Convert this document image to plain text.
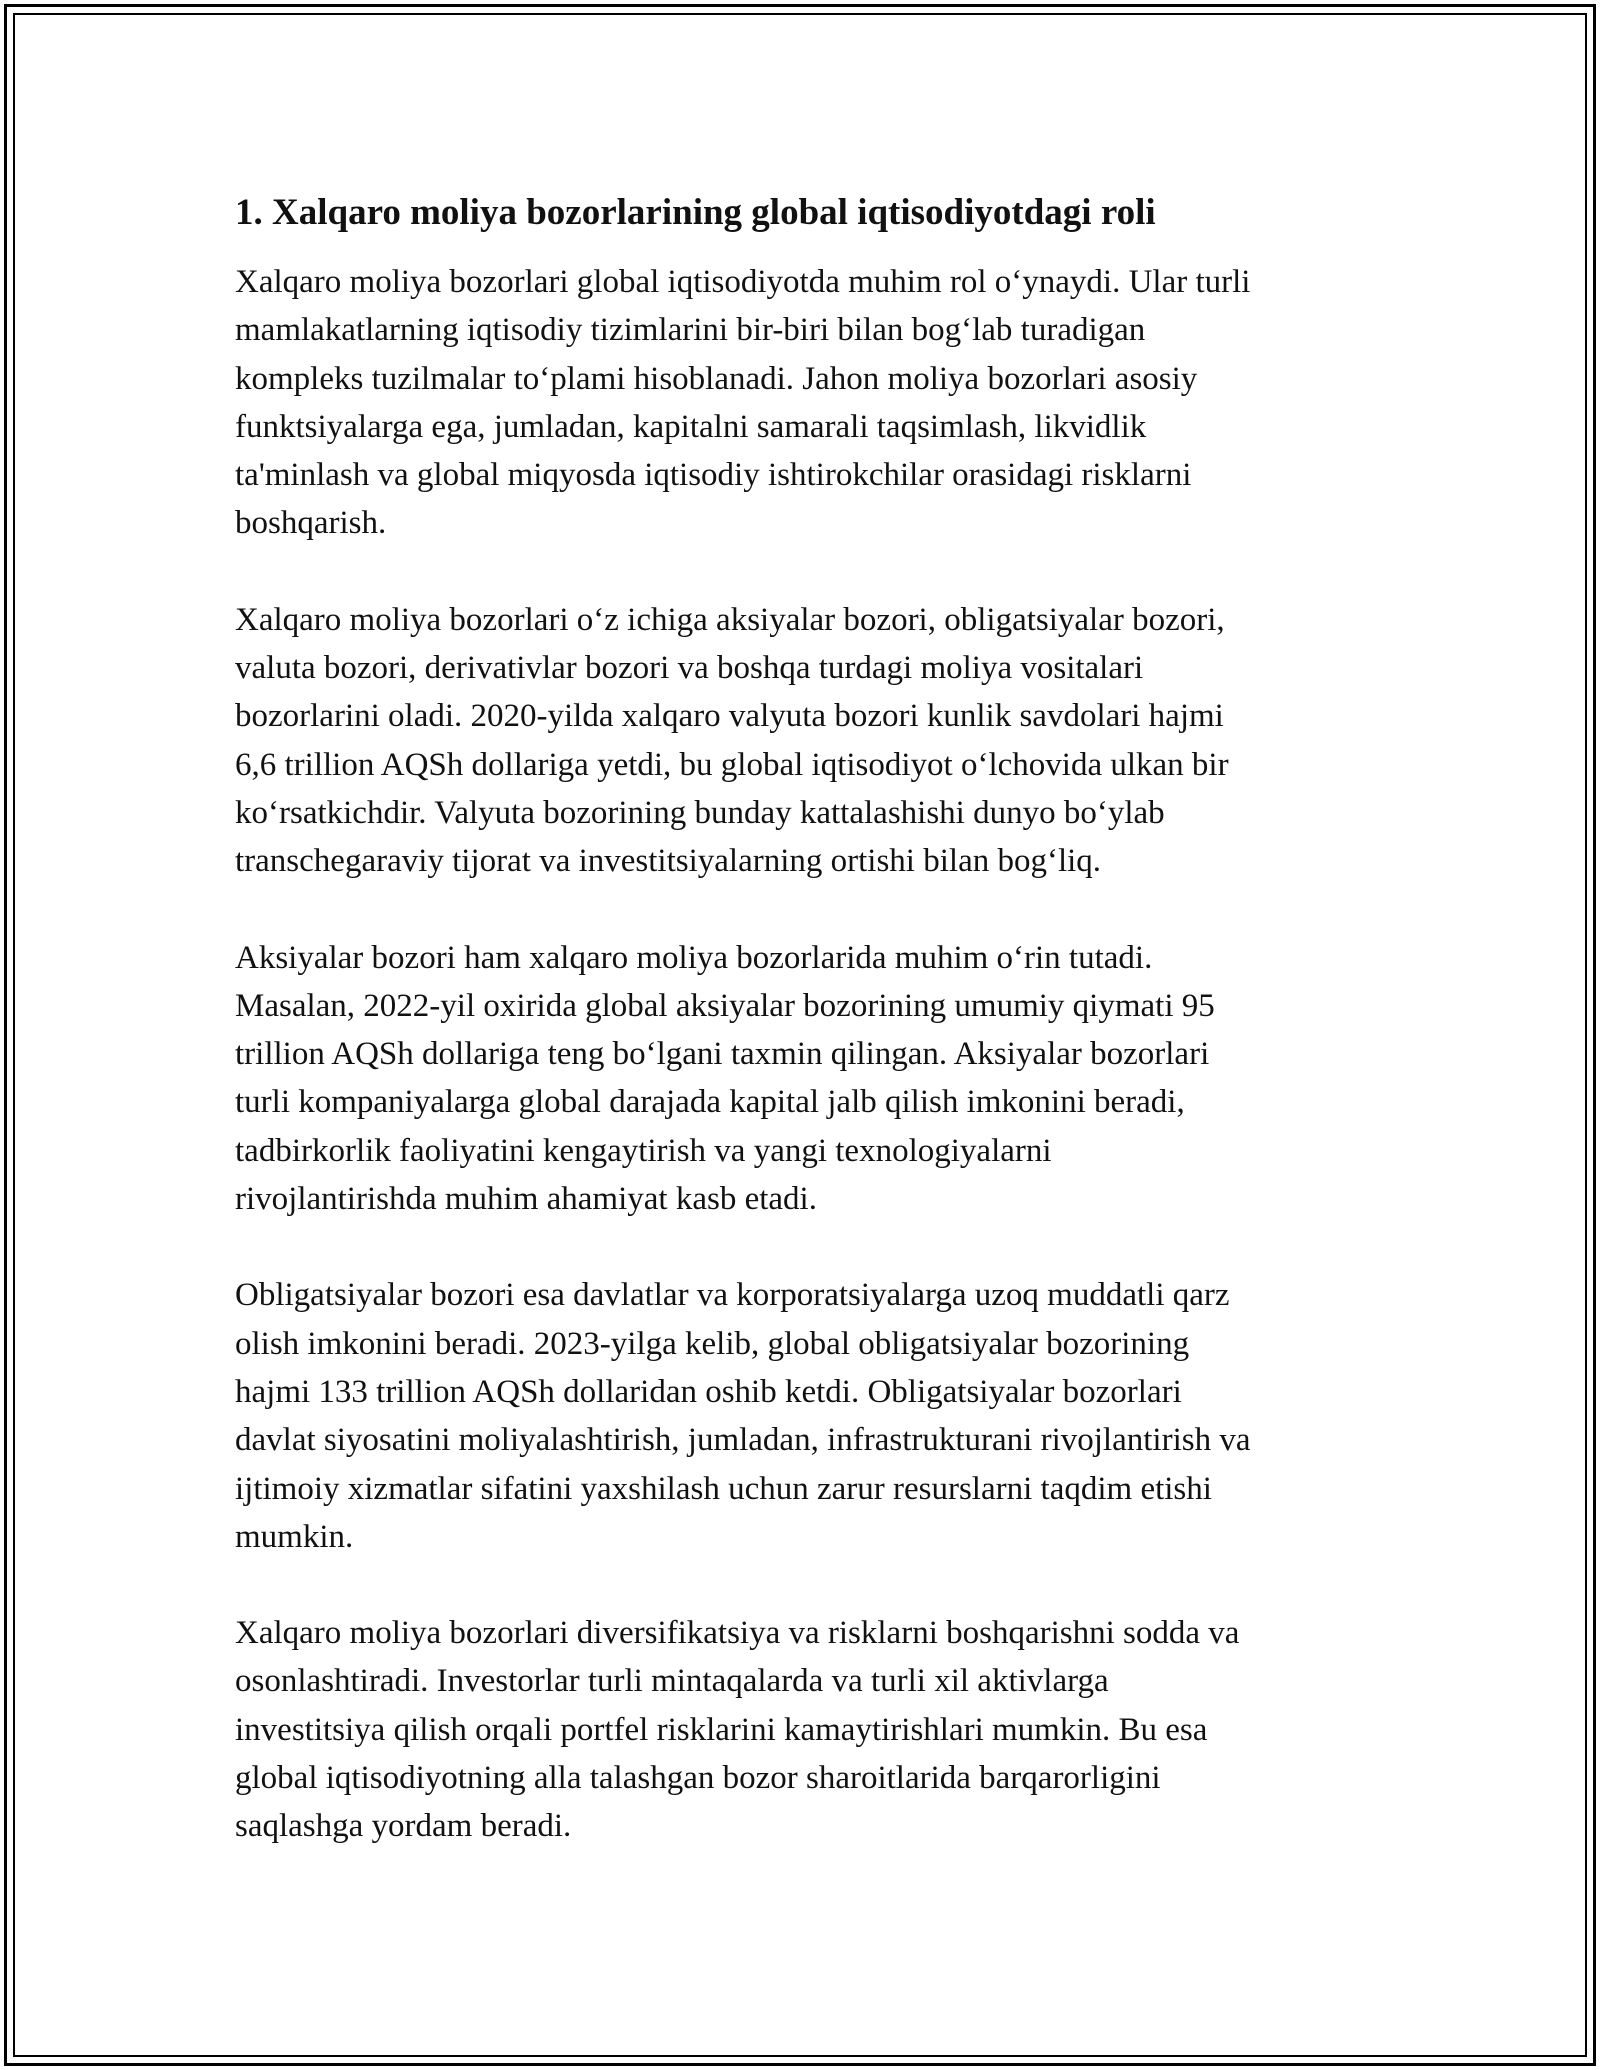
1. Xalqaro moliya bozorlarining global iqtisodiyotdagi roli

Xalqaro moliya bozorlari global iqtisodiyotda muhim rol o‘ynaydi. Ular turli
mamlakatlarning iqtisodiy tizimlarini bir-biri bilan bog‘lab turadigan
kompleks tuzilmalar to‘plami hisoblanadi. Jahon moliya bozorlari asosiy
funktsiyalarga ega, jumladan, kapitalni samarali taqsimlash, likvidlik
ta'minlash va global miqyosda iqtisodiy ishtirokchilar orasidagi risklarni
boshqarish.

Xalqaro moliya bozorlari o‘z ichiga aksiyalar bozori, obligatsiyalar bozori,
valuta bozori, derivativlar bozori va boshqa turdagi moliya vositalari
bozorlarini oladi. 2020-yilda xalqaro valyuta bozori kunlik savdolari hajmi
6,6 trillion AQSh dollariga yetdi, bu global iqtisodiyot o‘lchovida ulkan bir
ko‘rsatkichdir. Valyuta bozorining bunday kattalashishi dunyo bo‘ylab
transchegaraviy tijorat va investitsiyalarning ortishi bilan bog‘liq.

Aksiyalar bozori ham xalqaro moliya bozorlarida muhim o‘rin tutadi.
Masalan, 2022-yil oxirida global aksiyalar bozorining umumiy qiymati 95
trillion AQSh dollariga teng bo‘lgani taxmin qilingan. Aksiyalar bozorlari
turli kompaniyalarga global darajada kapital jalb qilish imkonini beradi,
tadbirkorlik faoliyatini kengaytirish va yangi texnologiyalarni
rivojlantirishda muhim ahamiyat kasb etadi.

Obligatsiyalar bozori esa davlatlar va korporatsiyalarga uzoq muddatli qarz
olish imkonini beradi. 2023-yilga kelib, global obligatsiyalar bozorining
hajmi 133 trillion AQSh dollaridan oshib ketdi. Obligatsiyalar bozorlari
davlat siyosatini moliyalashtirish, jumladan, infrastrukturani rivojlantirish va
ijtimoiy xizmatlar sifatini yaxshilash uchun zarur resurslarni taqdim etishi
mumkin.

Xalqaro moliya bozorlari diversifikatsiya va risklarni boshqarishni sodda va
osonlashtiradi. Investorlar turli mintaqalarda va turli xil aktivlarga
investitsiya qilish orqali portfel risklarini kamaytirishlari mumkin. Bu esa
global iqtisodiyotning alla talashgan bozor sharoitlarida barqarorligini
saqlashga yordam beradi.
